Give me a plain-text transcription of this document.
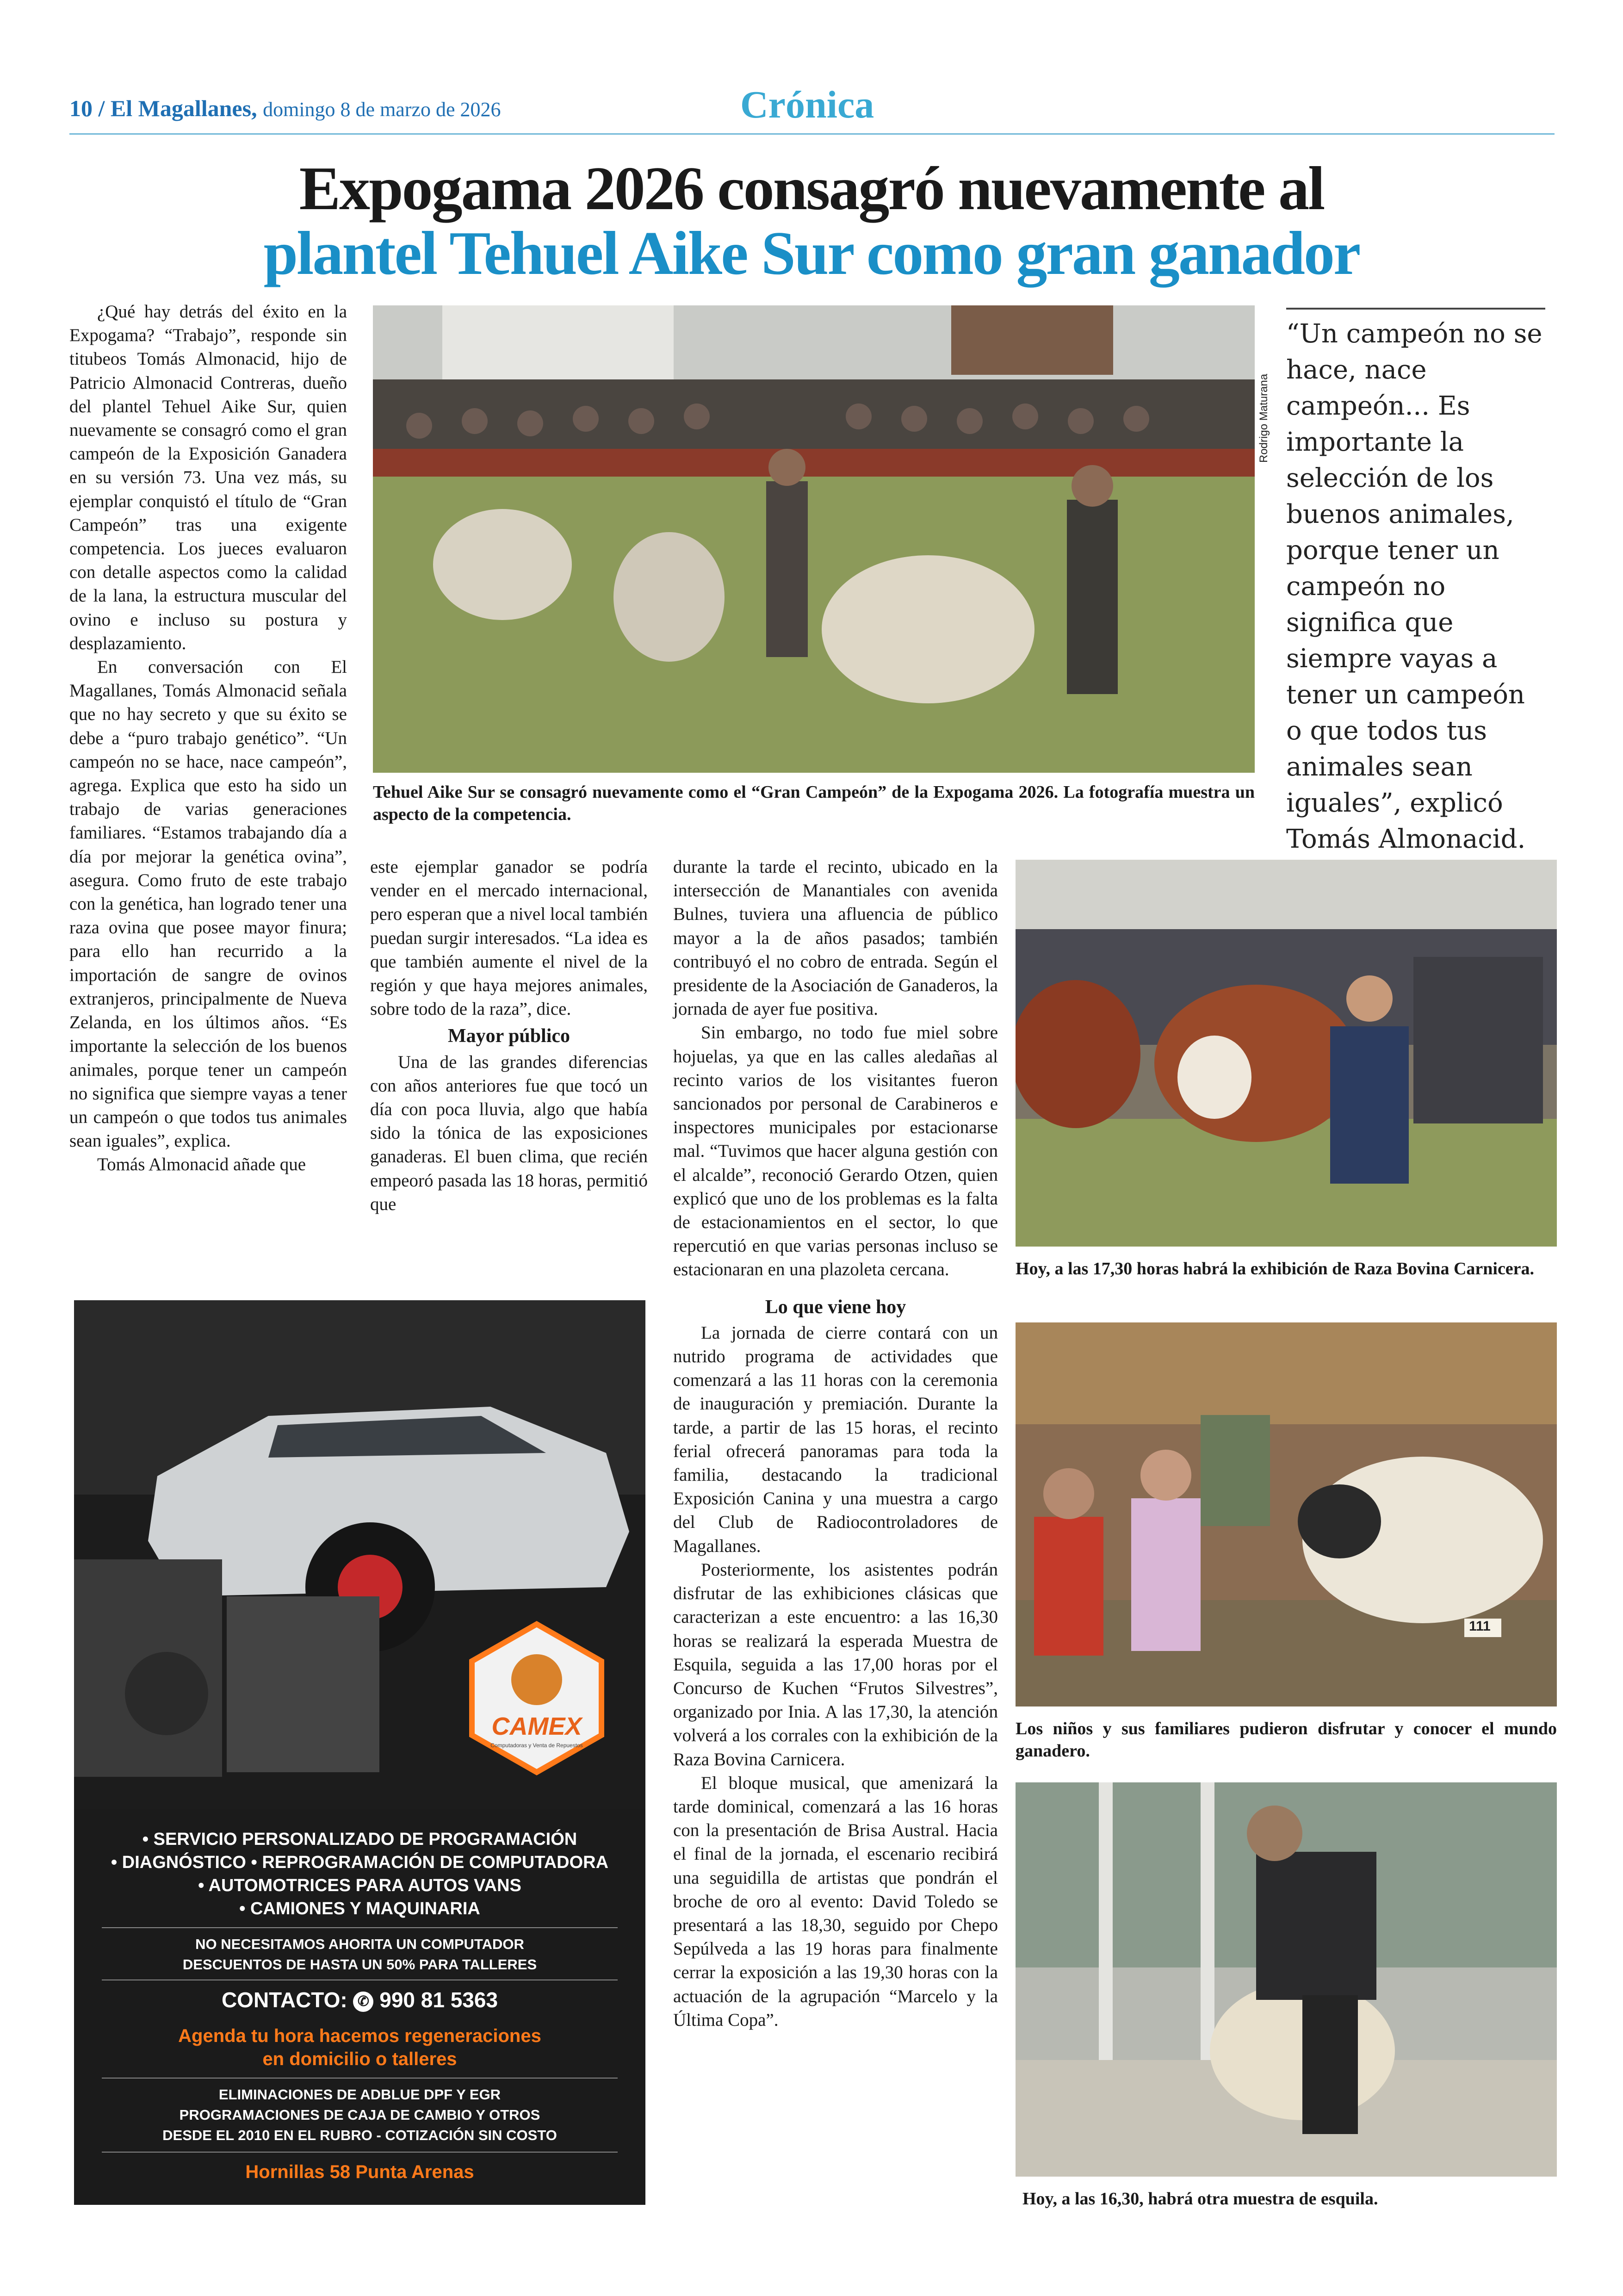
10 / El Magallanes, domingo 8 de marzo de 2026	Crónica
Expogama 2026 consagró nuevamente al
plantel Tehuel Aike Sur como gran ganador

¿Qué hay detrás del éxito en la Expogama? “Trabajo”, responde sin titubeos Tomás Almonacid, hijo de Patricio Almonacid Contreras, dueño del plantel Tehuel Aike Sur, quien nuevamente se consagró como el gran campeón de la Exposición Ganadera en su versión 73. Una vez más, su ejemplar conquistó el título de “Gran Campeón” tras una exigente competencia. Los jueces evaluaron con detalle aspectos como la calidad de la lana, la estructura muscular del ovino e incluso su postura y desplazamiento.

En conversación con El Magallanes, Tomás Almonacid señala que no hay secreto y que su éxito se debe a “puro trabajo genético”. “Un campeón no se hace, nace campeón”, agrega. Explica que esto ha sido un trabajo de varias generaciones familiares. “Estamos trabajando día a día por mejorar la genética ovina”, asegura. Como fruto de este trabajo con la genética, han logrado tener una raza ovina que posee mayor finura; para ello han recurrido a la importación de sangre de ovinos extranjeros, principalmente de Nueva Zelanda, en los últimos años. “Es importante la selección de los buenos animales, porque tener un campeón no significa que siempre vayas a tener un campeón o que todos tus animales sean iguales”, explica.

Tomás Almonacid añade que

Rodrigo Maturana
Tehuel Aike Sur se consagró nuevamente como el “Gran Campeón” de la Expogama 2026. La fotografía muestra un aspecto de la competencia.
“Un campeón no se hace, nace campeón... Es importante la selección de los buenos animales, porque tener un campeón no significa que siempre vayas a tener un campeón o que todos tus animales sean iguales”, explicó Tomás Almonacid.

este ejemplar ganador se podría vender en el mercado internacional, pero esperan que a nivel local también puedan surgir interesados. “La idea es que también aumente el nivel de la región y que haya mejores animales, sobre todo de la raza”, dice.

Mayor público

Una de las grandes diferencias con años anteriores fue que tocó un día con poca lluvia, algo que había sido la tónica de las exposiciones ganaderas. El buen clima, que recién empeoró pasada las 18 horas, permitió que

durante la tarde el recinto, ubicado en la intersección de Manantiales con avenida Bulnes, tuviera una afluencia de público mayor a la de años pasados; también contribuyó el no cobro de entrada. Según el presidente de la Asociación de Ganaderos, la jornada de ayer fue positiva.

Sin embargo, no todo fue miel sobre hojuelas, ya que en las calles aledañas al recinto varios de los visitantes fueron sancionados por personal de Carabineros e inspectores municipales por estacionarse mal. “Tuvimos que hacer alguna gestión con el alcalde”, reconoció Gerardo Otzen, quien explicó que uno de los problemas es la falta de estacionamientos en el sector, lo que repercutió en que varias personas incluso se estacionaran en una plazoleta cercana.

Lo que viene hoy

La jornada de cierre contará con un nutrido programa de actividades que comenzará a las 11 horas con la ceremonia de inauguración y premiación. Durante la tarde, a partir de las 15 horas, el recinto ferial ofrecerá panoramas para toda la familia, destacando la tradicional Exposición Canina y una muestra a cargo del Club de Radiocontroladores de Magallanes.

Posteriormente, los asistentes podrán disfrutar de las exhibiciones clásicas que caracterizan a este encuentro: a las 16,30 horas se realizará la esperada Muestra de Esquila, seguida a las 17,00 horas por el Concurso de Kuchen “Frutos Silvestres”, organizado por Inia. A las 17,30, la atención volverá a los corrales con la exhibición de la Raza Bovina Carnicera.

El bloque musical, que amenizará la tarde dominical, comenzará a las 16 horas con la presentación de Brisa Austral. Hacia el final de la jornada, el escenario recibirá una seguidilla de artistas que pondrán el broche de oro al evento: David Toledo se presentará a las 18,30, seguido por Chepo Sepúlveda a las 19 horas para finalmente cerrar la exposición a las 19,30 horas con la actuación de la agrupación “Marcelo y la Última Copa”.

Hoy, a las 17,30 horas habrá la exhibición de Raza Bovina Carnicera.
111
Los niños y sus familiares pudieron disfrutar y conocer el mundo ganadero.
Hoy, a las 16,30, habrá otra muestra de esquila.
CAMEX
Computadoras y Venta de Repuestos
• SERVICIO PERSONALIZADO DE PROGRAMACIÓN
• DIAGNÓSTICO • REPROGRAMACIÓN DE COMPUTADORA
• AUTOMOTRICES PARA AUTOS VANS
• CAMIONES Y MAQUINARIA
NO NECESITAMOS AHORITA UN COMPUTADOR
DESCUENTOS DE HASTA UN 50% PARA TALLERES
CONTACTO: ✆ 990 81 5363
Agenda tu hora hacemos regeneraciones
en domicilio o talleres
ELIMINACIONES DE ADBLUE DPF Y EGR
PROGRAMACIONES DE CAJA DE CAMBIO Y OTROS
DESDE EL 2010 EN EL RUBRO - COTIZACIÓN SIN COSTO
Hornillas 58 Punta Arenas
